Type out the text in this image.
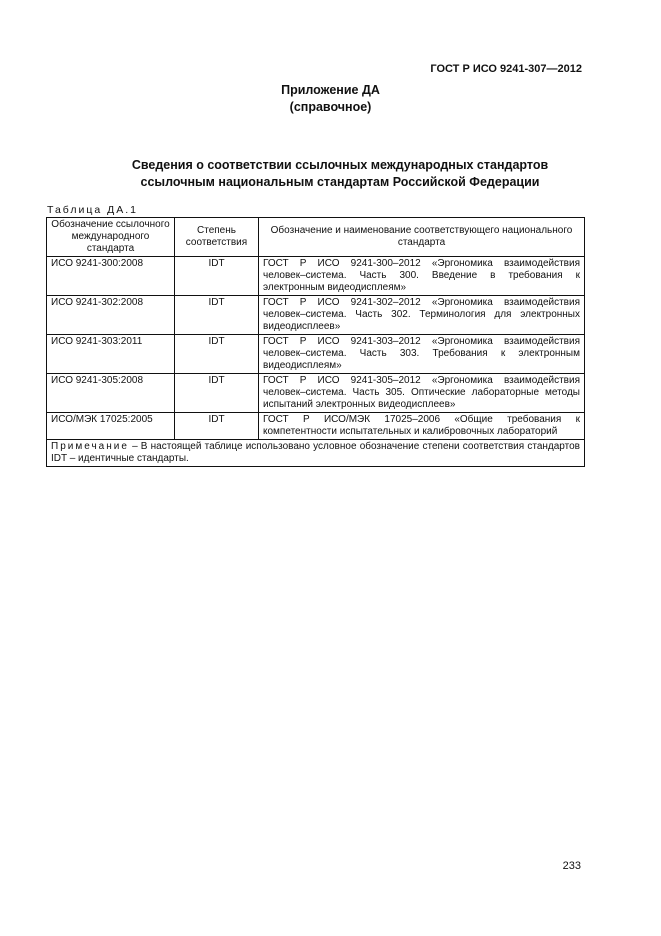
ГОСТ Р ИСО 9241-307—2012
Приложение ДА
(справочное)
Сведения о соответствии ссылочных международных стандартов
ссылочным национальным стандартам Российской Федерации
Таблица ДА.1
Обозначение ссылочного международного стандарта	Степень соответствия	Обозначение и наименование соответствующего национального стандарта
ИСО 9241-300:2008	IDT	ГОСТ Р ИСО 9241-300–2012 «Эргономика взаимодействия человек–система. Часть 300. Введение в требования к электронным видеодисплеям»
ИСО 9241-302:2008	IDT	ГОСТ Р ИСО 9241-302–2012 «Эргономика взаимодействия человек–система. Часть 302. Терминология для электронных видеодисплеев»
ИСО 9241-303:2011	IDT	ГОСТ Р ИСО 9241-303–2012 «Эргономика взаимодействия человек–система. Часть 303. Требования к электронным видеодисплеям»
ИСО 9241-305:2008	IDT	ГОСТ Р ИСО 9241-305–2012 «Эргономика взаимодействия человек–система. Часть 305. Оптические лабораторные методы испытаний электронных видеодисплеев»
ИСО/МЭК 17025:2005	IDT	ГОСТ Р ИСО/МЭК 17025–2006 «Общие требования к компетентности испытательных и калибровочных лабораторий
Примечание – В настоящей таблице использовано условное обозначение степени соответствия стандартов IDT – идентичные стандарты.		
233
